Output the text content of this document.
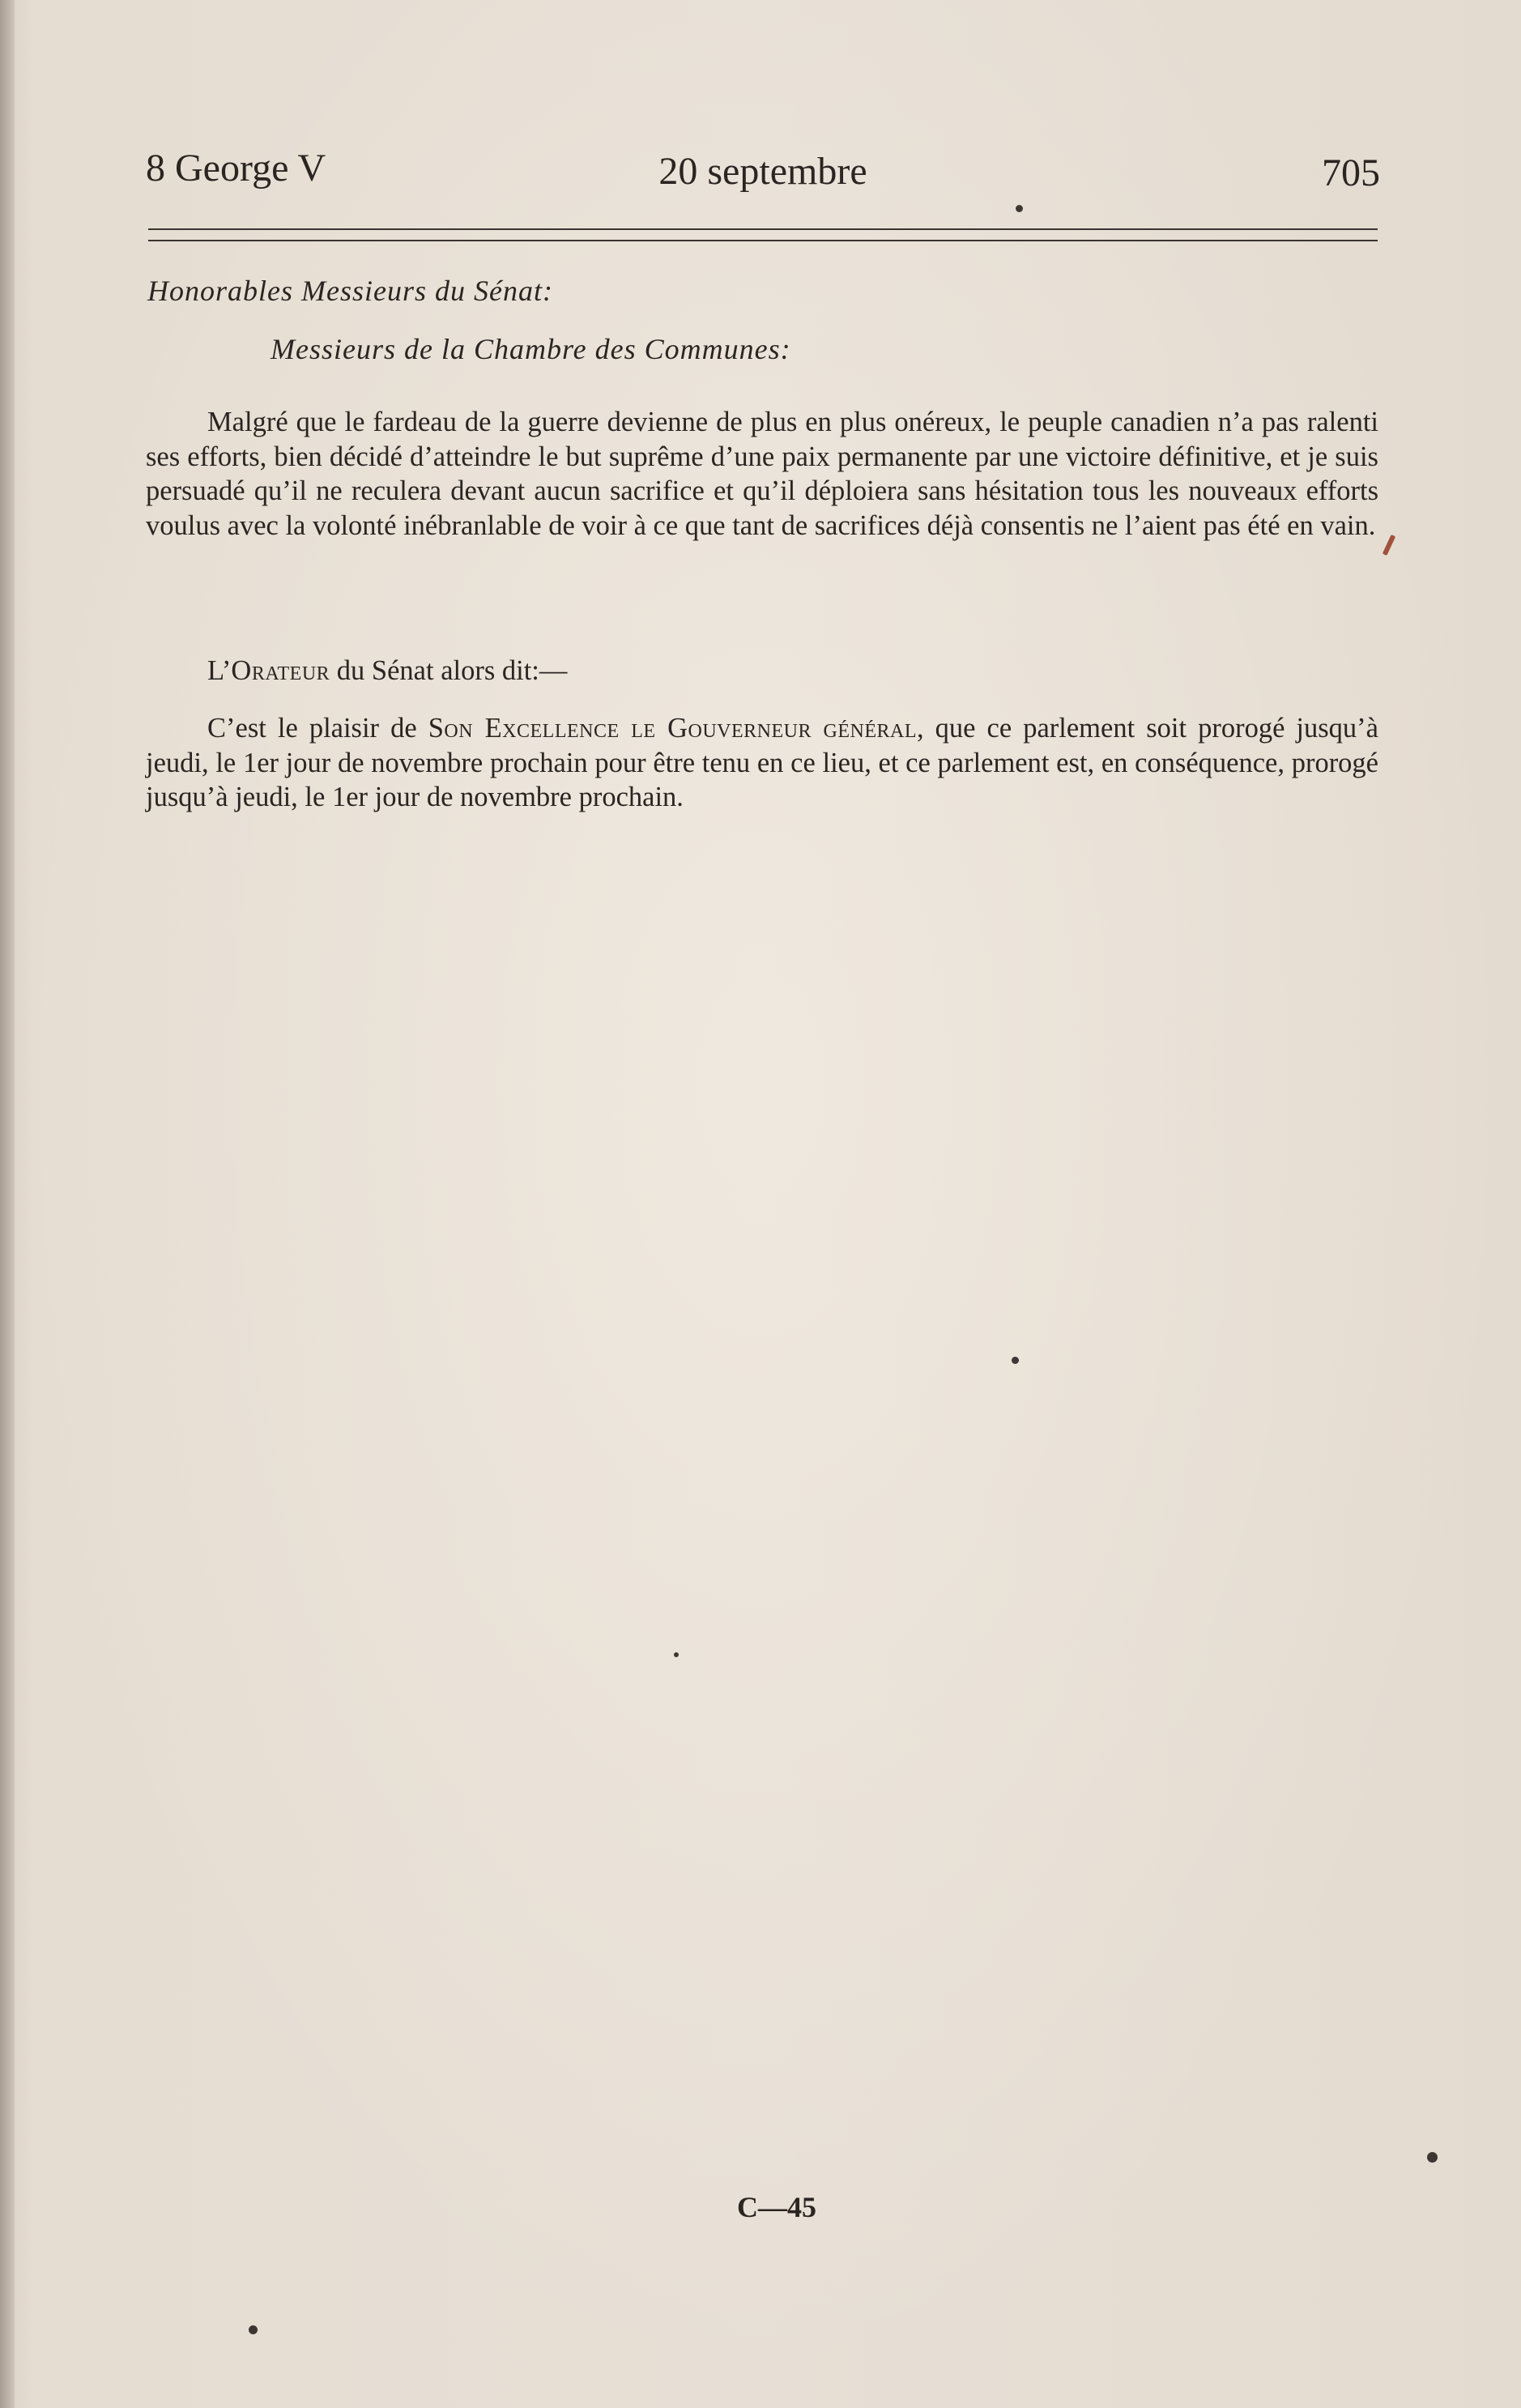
8 George V	20 septembre	705
Honorables Messieurs du Sénat:
Messieurs de la Chambre des Communes:

Malgré que le fardeau de la guerre devienne de plus en plus onéreux, le peuple canadien n’a pas ralenti ses efforts, bien décidé d’atteindre le but suprême d’une paix permanente par une victoire définitive, et je suis persuadé qu’il ne reculera devant aucun sacrifice et qu’il déploiera sans hésitation tous les nouveaux efforts voulus avec la volonté inébranlable de voir à ce que tant de sacrifices déjà consentis ne l’aient pas été en vain.

L’Orateur du Sénat alors dit:—

C’est le plaisir de Son Excellence le Gouverneur général, que ce parlement soit prorogé jusqu’à jeudi, le 1er jour de novembre prochain pour être tenu en ce lieu, et ce parlement est, en conséquence, prorogé jusqu’à jeudi, le 1er jour de novembre prochain.

C—45
